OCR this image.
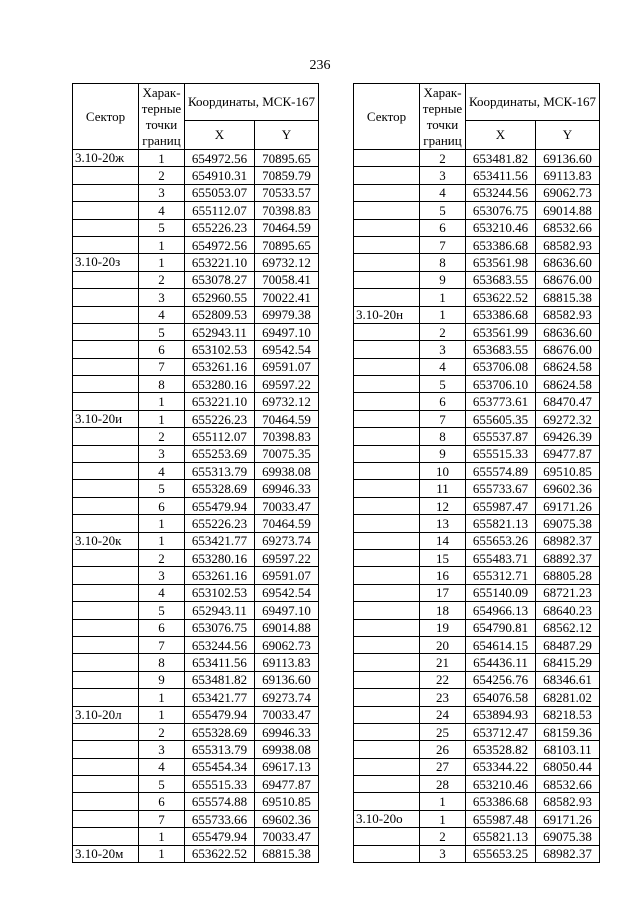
236
Сектор	Харак-терные точки границ	Координаты, МСК-167	
		X	Y
3.10-20ж	1	654972.56	70895.65
	2	654910.31	70859.79
	3	655053.07	70533.57
	4	655112.07	70398.83
	5	655226.23	70464.59
	1	654972.56	70895.65
3.10-20з	1	653221.10	69732.12
	2	653078.27	70058.41
	3	652960.55	70022.41
	4	652809.53	69979.38
	5	652943.11	69497.10
	6	653102.53	69542.54
	7	653261.16	69591.07
	8	653280.16	69597.22
	1	653221.10	69732.12
3.10-20и	1	655226.23	70464.59
	2	655112.07	70398.83
	3	655253.69	70075.35
	4	655313.79	69938.08
	5	655328.69	69946.33
	6	655479.94	70033.47
	1	655226.23	70464.59
3.10-20к	1	653421.77	69273.74
	2	653280.16	69597.22
	3	653261.16	69591.07
	4	653102.53	69542.54
	5	652943.11	69497.10
	6	653076.75	69014.88
	7	653244.56	69062.73
	8	653411.56	69113.83
	9	653481.82	69136.60
	1	653421.77	69273.74
3.10-20л	1	655479.94	70033.47
	2	655328.69	69946.33
	3	655313.79	69938.08
	4	655454.34	69617.13
	5	655515.33	69477.87
	6	655574.88	69510.85
	7	655733.66	69602.36
	1	655479.94	70033.47
3.10-20м	1	653622.52	68815.38
Сектор	Харак-терные точки границ	Координаты, МСК-167	
		X	Y
	2	653481.82	69136.60
	3	653411.56	69113.83
	4	653244.56	69062.73
	5	653076.75	69014.88
	6	653210.46	68532.66
	7	653386.68	68582.93
	8	653561.98	68636.60
	9	653683.55	68676.00
	1	653622.52	68815.38
3.10-20н	1	653386.68	68582.93
	2	653561.99	68636.60
	3	653683.55	68676.00
	4	653706.08	68624.58
	5	653706.10	68624.58
	6	653773.61	68470.47
	7	655605.35	69272.32
	8	655537.87	69426.39
	9	655515.33	69477.87
	10	655574.89	69510.85
	11	655733.67	69602.36
	12	655987.47	69171.26
	13	655821.13	69075.38
	14	655653.26	68982.37
	15	655483.71	68892.37
	16	655312.71	68805.28
	17	655140.09	68721.23
	18	654966.13	68640.23
	19	654790.81	68562.12
	20	654614.15	68487.29
	21	654436.11	68415.29
	22	654256.76	68346.61
	23	654076.58	68281.02
	24	653894.93	68218.53
	25	653712.47	68159.36
	26	653528.82	68103.11
	27	653344.22	68050.44
	28	653210.46	68532.66
	1	653386.68	68582.93
3.10-20о	1	655987.48	69171.26
	2	655821.13	69075.38
	3	655653.25	68982.37
